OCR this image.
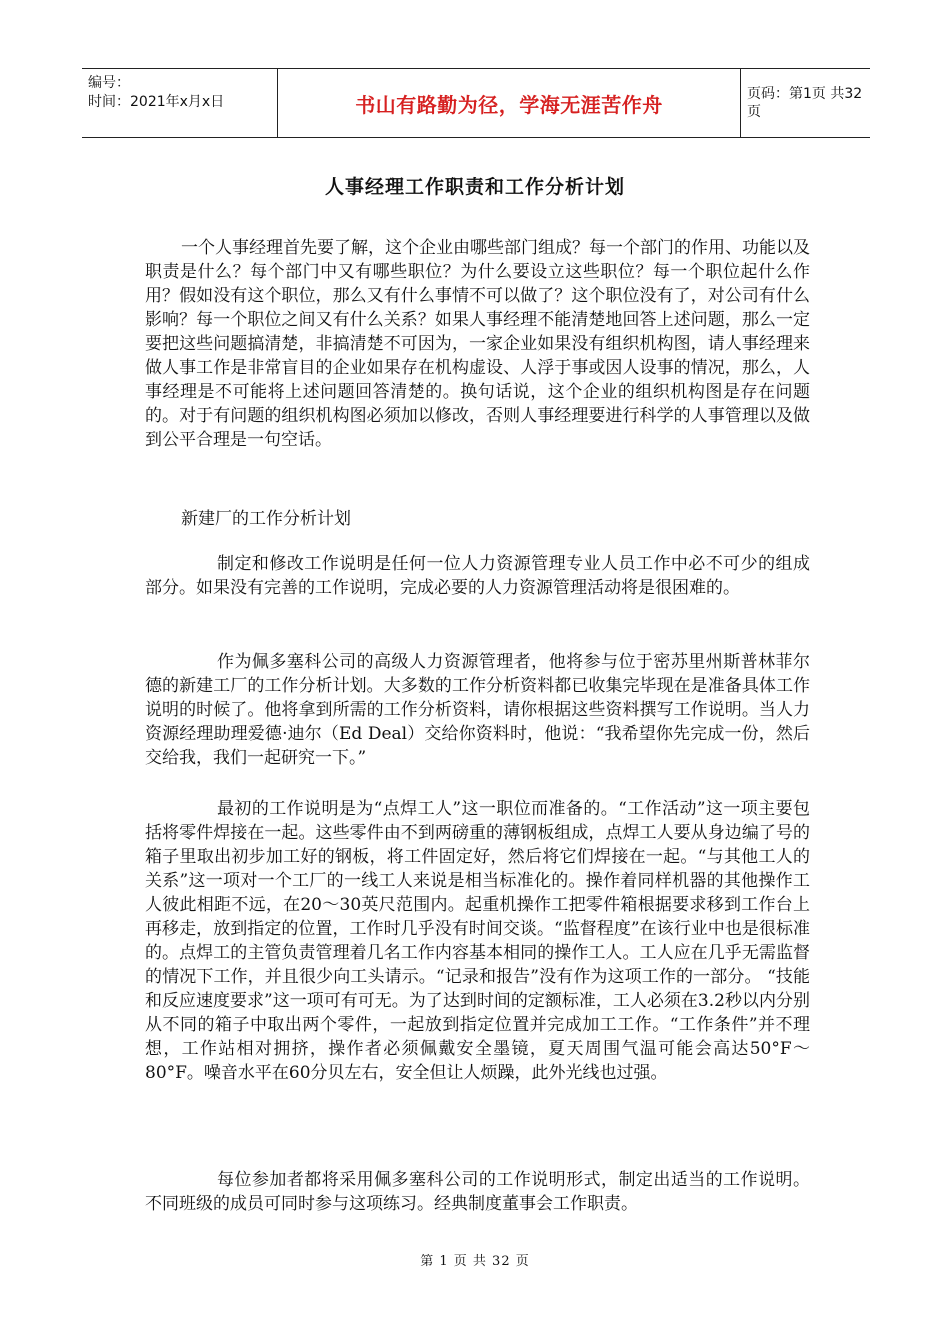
编号：
时间：2021年x月x日	书山有路勤为径，学海无涯苦作舟	页码：第1页 共32页
人事经理工作职责和工作分析计划
一个人事经理首先要了解，这个企业由哪些部门组成？每一个部门的作用、功能以及职责是什么？每个部门中又有哪些职位？为什么要设立这些职位？每一个职位起什么作用？假如没有这个职位，那么又有什么事情不可以做了？这个职位没有了，对公司有什么影响？每一个职位之间又有什么关系？如果人事经理不能清楚地回答上述问题，那么一定要把这些问题搞清楚，非搞清楚不可因为，一家企业如果没有组织机构图，请人事经理来做人事工作是非常盲目的企业如果存在机构虚设、人浮于事或因人设事的情况，那么，人事经理是不可能将上述问题回答清楚的。换句话说，这个企业的组织机构图是存在问题的。对于有问题的组织机构图必须加以修改，否则人事经理要进行科学的人事管理以及做到公平合理是一句空话。
新建厂的工作分析计划
制定和修改工作说明是任何一位人力资源管理专业人员工作中必不可少的组成部分。如果没有完善的工作说明，完成必要的人力资源管理活动将是很困难的。
作为佩多塞科公司的高级人力资源管理者，他将参与位于密苏里州斯普林菲尔德的新建工厂的工作分析计划。大多数的工作分析资料都已收集完毕现在是准备具体工作说明的时候了。他将拿到所需的工作分析资料，请你根据这些资料撰写工作说明。当人力资源经理助理爱德·迪尔（Ed Deal）交给你资料时，他说：“我希望你先完成一份，然后交给我，我们一起研究一下。”
最初的工作说明是为“点焊工人”这一职位而准备的。“工作活动”这一项主要包括将零件焊接在一起。这些零件由不到两磅重的薄钢板组成，点焊工人要从身边编了号的箱子里取出初步加工好的钢板，将工件固定好，然后将它们焊接在一起。“与其他工人的关系”这一项对一个工厂的一线工人来说是相当标准化的。操作着同样机器的其他操作工人彼此相距不远，在20～30英尺范围内。起重机操作工把零件箱根据要求移到工作台上再移走，放到指定的位置，工作时几乎没有时间交谈。“监督程度”在该行业中也是很标准的。点焊工的主管负责管理着几名工作内容基本相同的操作工人。工人应在几乎无需监督的情况下工作，并且很少向工头请示。“记录和报告”没有作为这项工作的一部分。 “技能和反应速度要求”这一项可有可无。为了达到时间的定额标准，工人必须在3.2秒以内分别从不同的箱子中取出两个零件，一起放到指定位置并完成加工工作。“工作条件”并不理想，工作站相对拥挤，操作者必须佩戴安全墨镜，夏天周围气温可能会高达50°F～80°F。噪音水平在60分贝左右，安全但让人烦躁，此外光线也过强。
每位参加者都将采用佩多塞科公司的工作说明形式，制定出适当的工作说明。不同班级的成员可同时参与这项练习。经典制度董事会工作职责。
第 1 页 共 32 页
